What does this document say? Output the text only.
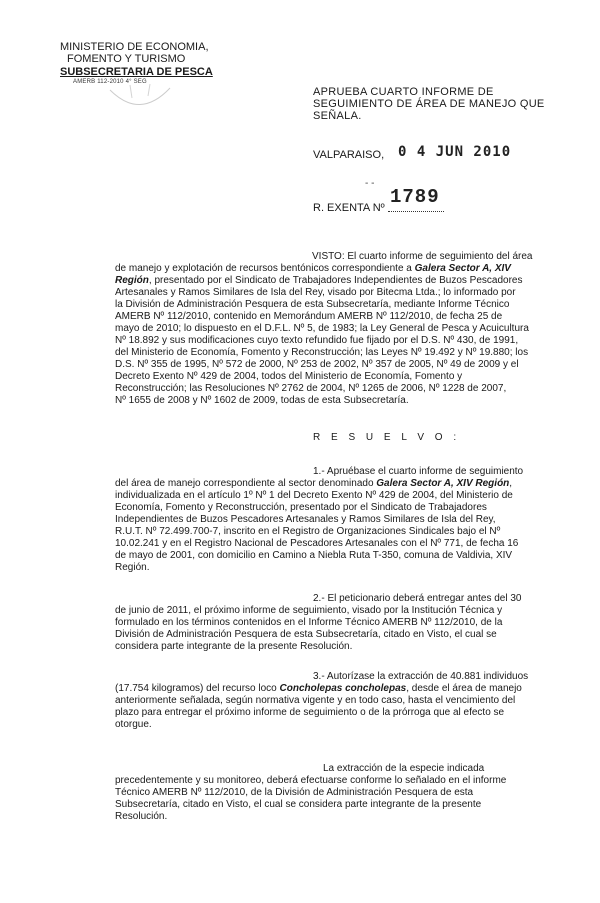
MINISTERIO DE ECONOMIA,
FOMENTO Y TURISMO
SUBSECRETARIA DE PESCA
AMERB 112-2010 4° SEG
APRUEBA CUARTO INFORME DE
SEGUIMIENTO DE ÁREA DE MANEJO QUE
SEÑALA.
VALPARAISO, 0 4 JUN 2010
- -
R. EXENTA Nº 1789
VISTO: El cuarto informe de seguimiento del área
de manejo y explotación de recursos bentónicos correspondiente a Galera Sector A, XIV
Región, presentado por el Sindicato de Trabajadores Independientes de Buzos Pescadores
Artesanales y Ramos Similares de Isla del Rey, visado por Bitecma Ltda.; lo informado por
la División de Administración Pesquera de esta Subsecretaría, mediante Informe Técnico
AMERB Nº 112/2010, contenido en Memorándum AMERB Nº 112/2010, de fecha 25 de
mayo de 2010; lo dispuesto en el D.F.L. Nº 5, de 1983; la Ley General de Pesca y Acuicultura
Nº 18.892 y sus modificaciones cuyo texto refundido fue fijado por el D.S. Nº 430, de 1991,
del Ministerio de Economía, Fomento y Reconstrucción; las Leyes Nº 19.492 y Nº 19.880; los
D.S. Nº 355 de 1995, Nº 572 de 2000, Nº 253 de 2002, Nº 357 de 2005, Nº 49 de 2009 y el
Decreto Exento Nº 429 de 2004, todos del Ministerio de Economía, Fomento y
Reconstrucción; las Resoluciones Nº 2762 de 2004, Nº 1265 de 2006, Nº 1228 de 2007,
Nº 1655 de 2008 y Nº 1602 de 2009, todas de esta Subsecretaría.
R E S U E L V O :
1.- Apruébase el cuarto informe de seguimiento
del área de manejo correspondiente al sector denominado Galera Sector A, XIV Región,
individualizada en el artículo 1º Nº 1 del Decreto Exento Nº 429 de 2004, del Ministerio de
Economía, Fomento y Reconstrucción, presentado por el Sindicato de Trabajadores
Independientes de Buzos Pescadores Artesanales y Ramos Similares de Isla del Rey,
R.U.T. Nº 72.499.700-7, inscrito en el Registro de Organizaciones Sindicales bajo el Nº
10.02.241 y en el Registro Nacional de Pescadores Artesanales con el Nº 771, de fecha 16
de mayo de 2001, con domicilio en Camino a Niebla Ruta T-350, comuna de Valdivia, XIV
Región.
2.- El peticionario deberá entregar antes del 30
de junio de 2011, el próximo informe de seguimiento, visado por la Institución Técnica y
formulado en los términos contenidos en el Informe Técnico AMERB Nº 112/2010, de la
División de Administración Pesquera de esta Subsecretaría, citado en Visto, el cual se
considera parte integrante de la presente Resolución.
3.- Autorízase la extracción de 40.881 individuos
(17.754 kilogramos) del recurso loco Concholepas concholepas, desde el área de manejo
anteriormente señalada, según normativa vigente y en todo caso, hasta el vencimiento del
plazo para entregar el próximo informe de seguimiento o de la prórroga que al efecto se
otorgue.
La extracción de la especie indicada
precedentemente y su monitoreo, deberá efectuarse conforme lo señalado en el informe
Técnico AMERB Nº 112/2010, de la División de Administración Pesquera de esta
Subsecretaría, citado en Visto, el cual se considera parte integrante de la presente
Resolución.
